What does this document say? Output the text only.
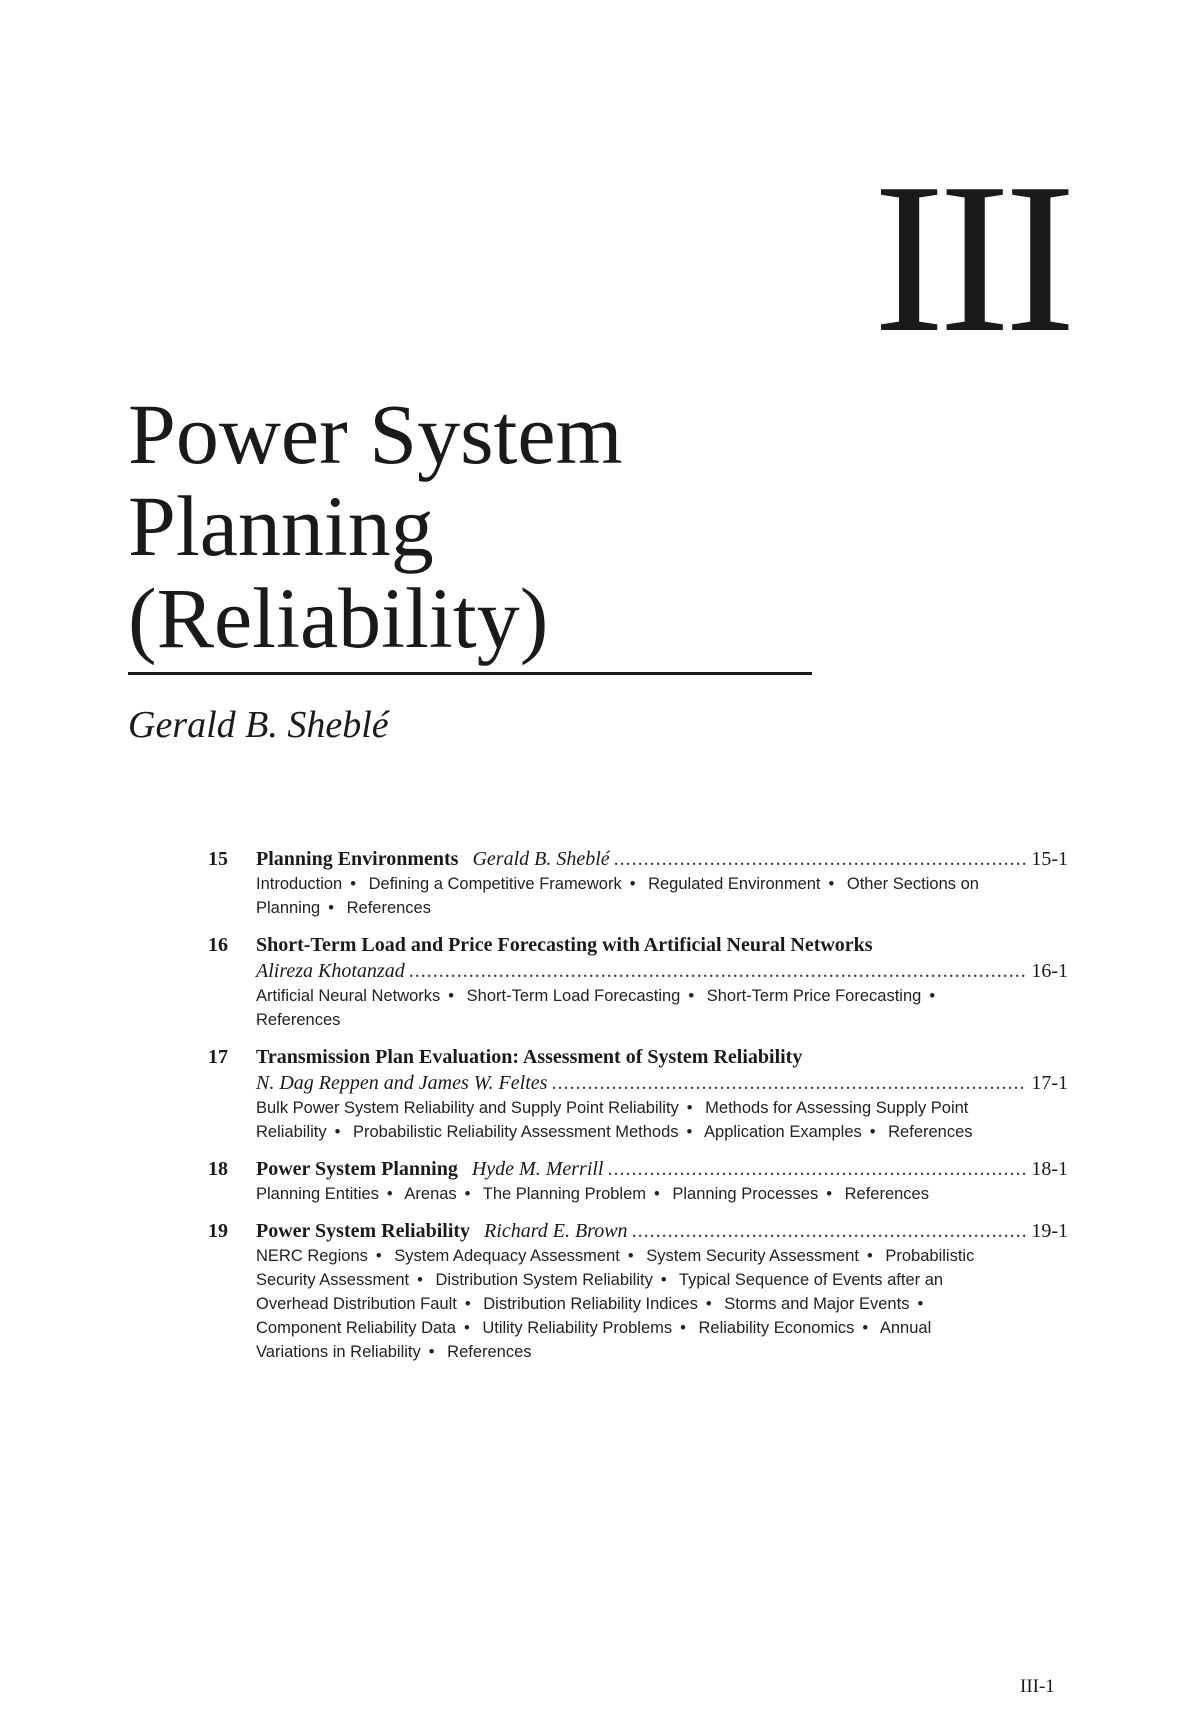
III
Power System
Planning
(Reliability)
Gerald B. Sheblé
15	Planning Environments Gerald B. Sheblé .....	15-1
Introduction • Defining a Competitive Framework • Regulated Environment • Other Sections on Planning • References
16	Short-Term Load and Price Forecasting with Artificial Neural Networks
Alireza Khotanzad .....	16-1
Artificial Neural Networks • Short-Term Load Forecasting • Short-Term Price Forecasting • References
17	Transmission Plan Evaluation: Assessment of System Reliability
N. Dag Reppen and James W. Feltes .....	17-1
Bulk Power System Reliability and Supply Point Reliability • Methods for Assessing Supply Point Reliability • Probabilistic Reliability Assessment Methods • Application Examples • References
18	Power System Planning Hyde M. Merrill .....	18-1
Planning Entities • Arenas • The Planning Problem • Planning Processes • References
19	Power System Reliability Richard E. Brown .....	19-1
NERC Regions • System Adequacy Assessment • System Security Assessment • Probabilistic Security Assessment • Distribution System Reliability • Typical Sequence of Events after an Overhead Distribution Fault • Distribution Reliability Indices • Storms and Major Events • Component Reliability Data • Utility Reliability Problems • Reliability Economics • Annual Variations in Reliability • References
III-1
